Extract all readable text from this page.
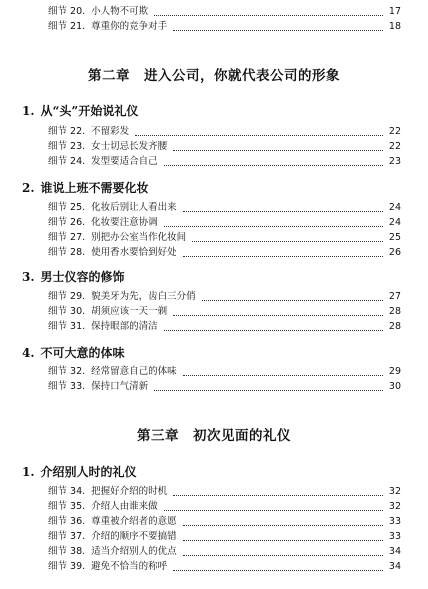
细节 20. 小人物不可欺	17
细节 21. 尊重你的竞争对手	18
第二章 进入公司，你就代表公司的形象
1. 从“头”开始说礼仪
细节 22. 不留彩发	22
细节 23. 女士切忌长发齐腰	22
细节 24. 发型要适合自己	23
2. 谁说上班不需要化妆
细节 25. 化妆后别让人看出来	24
细节 26. 化妆要注意协调	24
细节 27. 别把办公室当作化妆间	25
细节 28. 使用香水要恰到好处	26
3. 男士仪容的修饰
细节 29. 貌美牙为先，齿白三分俏	27
细节 30. 胡须应该一天一剃	28
细节 31. 保持眼部的清洁	28
4. 不可大意的体味
细节 32. 经常留意自己的体味	29
细节 33. 保持口气清新	30
第三章 初次见面的礼仪
1. 介绍别人时的礼仪
细节 34. 把握好介绍的时机	32
细节 35. 介绍人由谁来做	32
细节 36. 尊重被介绍者的意愿	33
细节 37. 介绍的顺序不要搞错	33
细节 38. 适当介绍别人的优点	34
细节 39. 避免不恰当的称呼	34
